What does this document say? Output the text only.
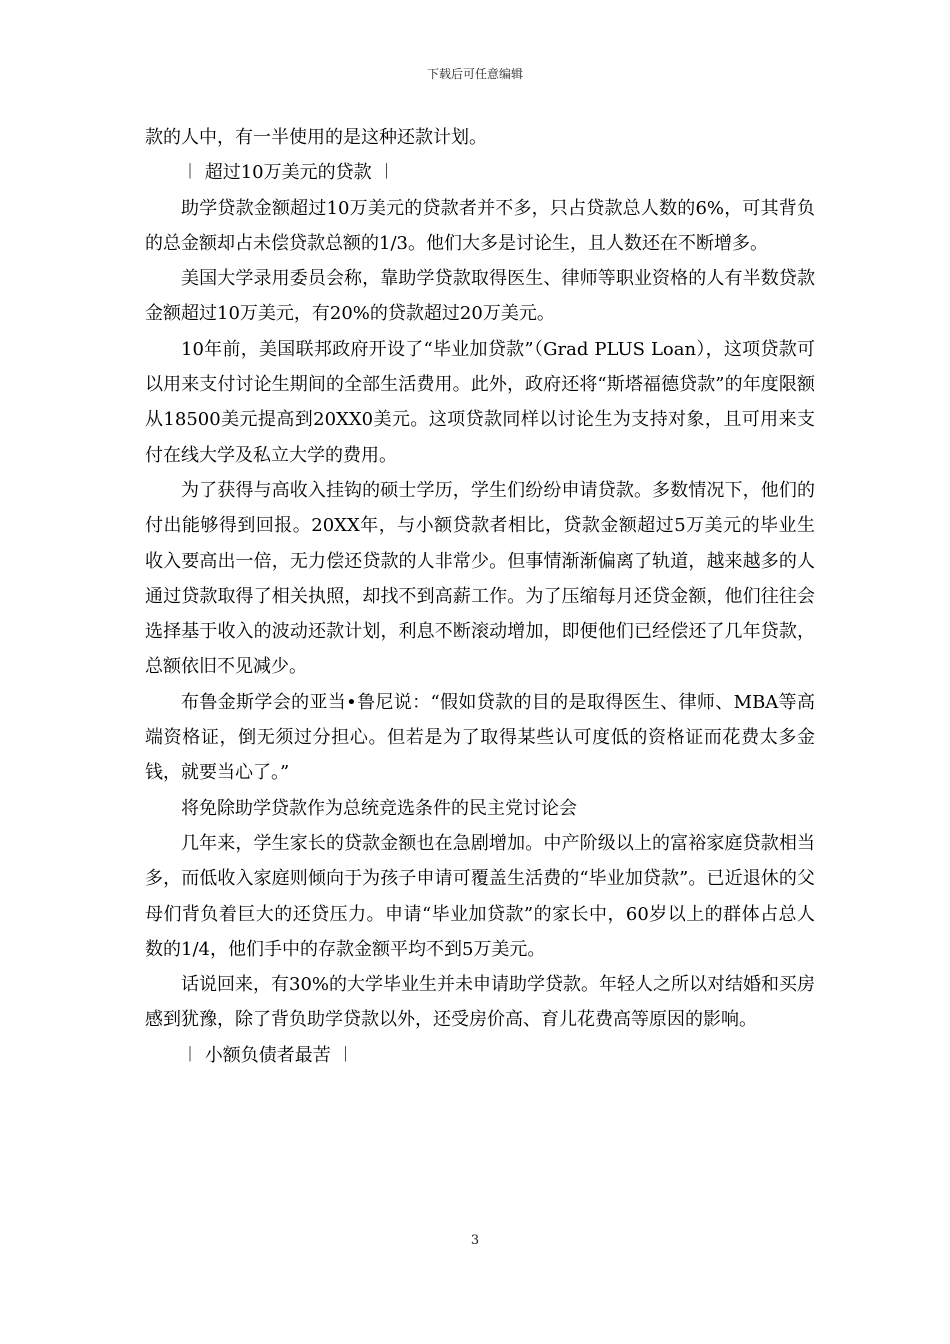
下载后可任意编辑

款的人中，有一半使用的是这种还款计划。

︱ 超过10万美元的贷款 ︱

助学贷款金额超过10万美元的贷款者并不多，只占贷款总人数的6%，可其背负的总金额却占未偿贷款总额的1/3。他们大多是讨论生，且人数还在不断增多。

美国大学录用委员会称，靠助学贷款取得医生、律师等职业资格的人有半数贷款金额超过10万美元，有20%的贷款超过20万美元。

10年前，美国联邦政府开设了“毕业加贷款”（Grad PLUS Loan），这项贷款可以用来支付讨论生期间的全部生活费用。此外，政府还将“斯塔福德贷款”的年度限额从18500美元提高到20XX0美元。这项贷款同样以讨论生为支持对象，且可用来支付在线大学及私立大学的费用。

为了获得与高收入挂钩的硕士学历，学生们纷纷申请贷款。多数情况下，他们的付出能够得到回报。20XX年，与小额贷款者相比，贷款金额超过5万美元的毕业生收入要高出一倍，无力偿还贷款的人非常少。但事情渐渐偏离了轨道，越来越多的人通过贷款取得了相关执照，却找不到高薪工作。为了压缩每月还贷金额，他们往往会选择基于收入的波动还款计划，利息不断滚动增加，即便他们已经偿还了几年贷款，总额依旧不见减少。

布鲁金斯学会的亚当•鲁尼说：“假如贷款的目的是取得医生、律师、MBA等高端资格证，倒无须过分担心。但若是为了取得某些认可度低的资格证而花费太多金钱，就要当心了。”

将免除助学贷款作为总统竞选条件的民主党讨论会

几年来，学生家长的贷款金额也在急剧增加。中产阶级以上的富裕家庭贷款相当多，而低收入家庭则倾向于为孩子申请可覆盖生活费的“毕业加贷款”。已近退休的父母们背负着巨大的还贷压力。申请“毕业加贷款”的家长中，60岁以上的群体占总人数的1/4，他们手中的存款金额平均不到5万美元。

话说回来，有30%的大学毕业生并未申请助学贷款。年轻人之所以对结婚和买房感到犹豫，除了背负助学贷款以外，还受房价高、育儿花费高等原因的影响。

︱ 小额负债者最苦 ︱

3
